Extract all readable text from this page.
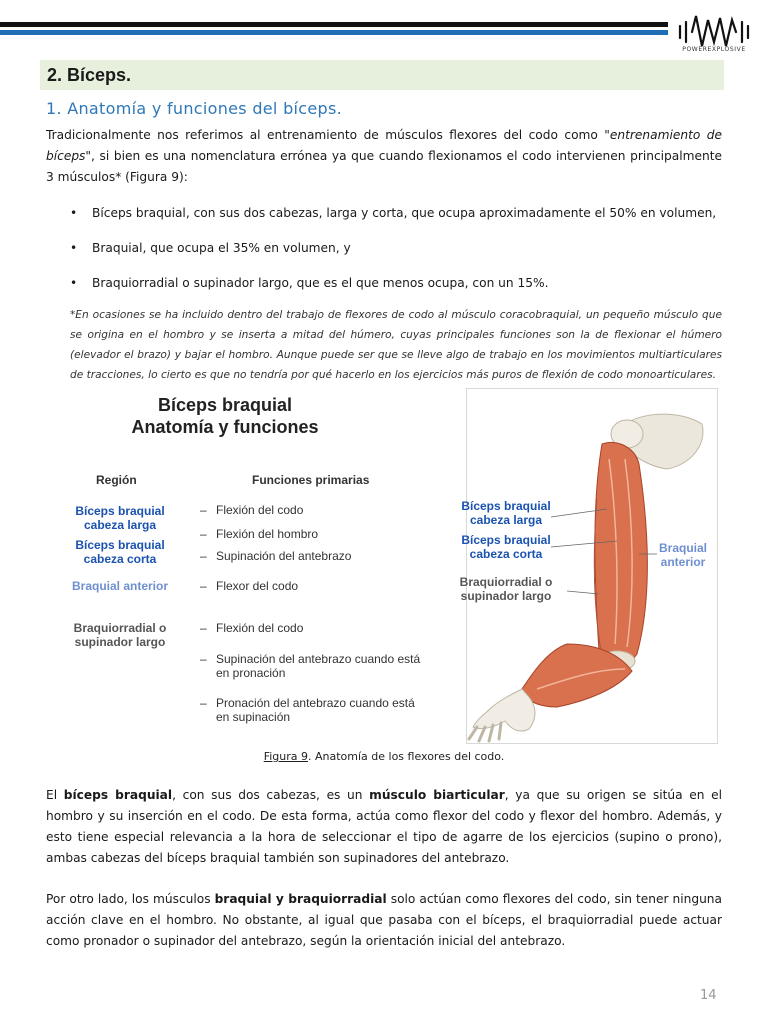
POWEREXPLOSIVE
2. Bíceps.
1. Anatomía y funciones del bíceps.
Tradicionalmente nos referimos al entrenamiento de músculos flexores del codo como "entrenamiento de bíceps", si bien es una nomenclatura errónea ya que cuando flexionamos el codo intervienen principalmente 3 músculos* (Figura 9):
• Bíceps braquial, con sus dos cabezas, larga y corta, que ocupa aproximadamente el 50% en volumen,
• Braquial, que ocupa el 35% en volumen, y
• Braquiorradial o supinador largo, que es el que menos ocupa, con un 15%.
*En ocasiones se ha incluido dentro del trabajo de flexores de codo al músculo coracobraquial, un pequeño músculo que se origina en el hombro y se inserta a mitad del húmero, cuyas principales funciones son la de flexionar el húmero (elevador el brazo) y bajar el hombro. Aunque puede ser que se lleve algo de trabajo en los movimientos multiarticulares de tracciones, lo cierto es que no tendría por qué hacerlo en los ejercicios más puros de flexión de codo monoarticulares.
Bíceps braquial
Anatomía y funciones
Región	Funciones primarias
Bíceps braquial cabeza larga
Bíceps braquial cabeza corta
Braquial anterior
Braquiorradial o supinador largo
– Flexión del codo
– Flexión del hombro
– Supinación del antebrazo
– Flexor del codo
– Flexión del codo
– Supinación del antebrazo cuando está en pronación
– Pronación del antebrazo cuando está en supinación
Bíceps braquial cabeza larga
Bíceps braquial cabeza corta
Braquiorradial o supinador largo
Braquial anterior
Figura 9. Anatomía de los flexores del codo.
El bíceps braquial, con sus dos cabezas, es un músculo biarticular, ya que su origen se sitúa en el hombro y su inserción en el codo. De esta forma, actúa como flexor del codo y flexor del hombro. Además, y esto tiene especial relevancia a la hora de seleccionar el tipo de agarre de los ejercicios (supino o prono), ambas cabezas del bíceps braquial también son supinadores del antebrazo.
Por otro lado, los músculos braquial y braquiorradial solo actúan como flexores del codo, sin tener ninguna acción clave en el hombro. No obstante, al igual que pasaba con el bíceps, el braquiorradial puede actuar como pronador o supinador del antebrazo, según la orientación inicial del antebrazo.
14
